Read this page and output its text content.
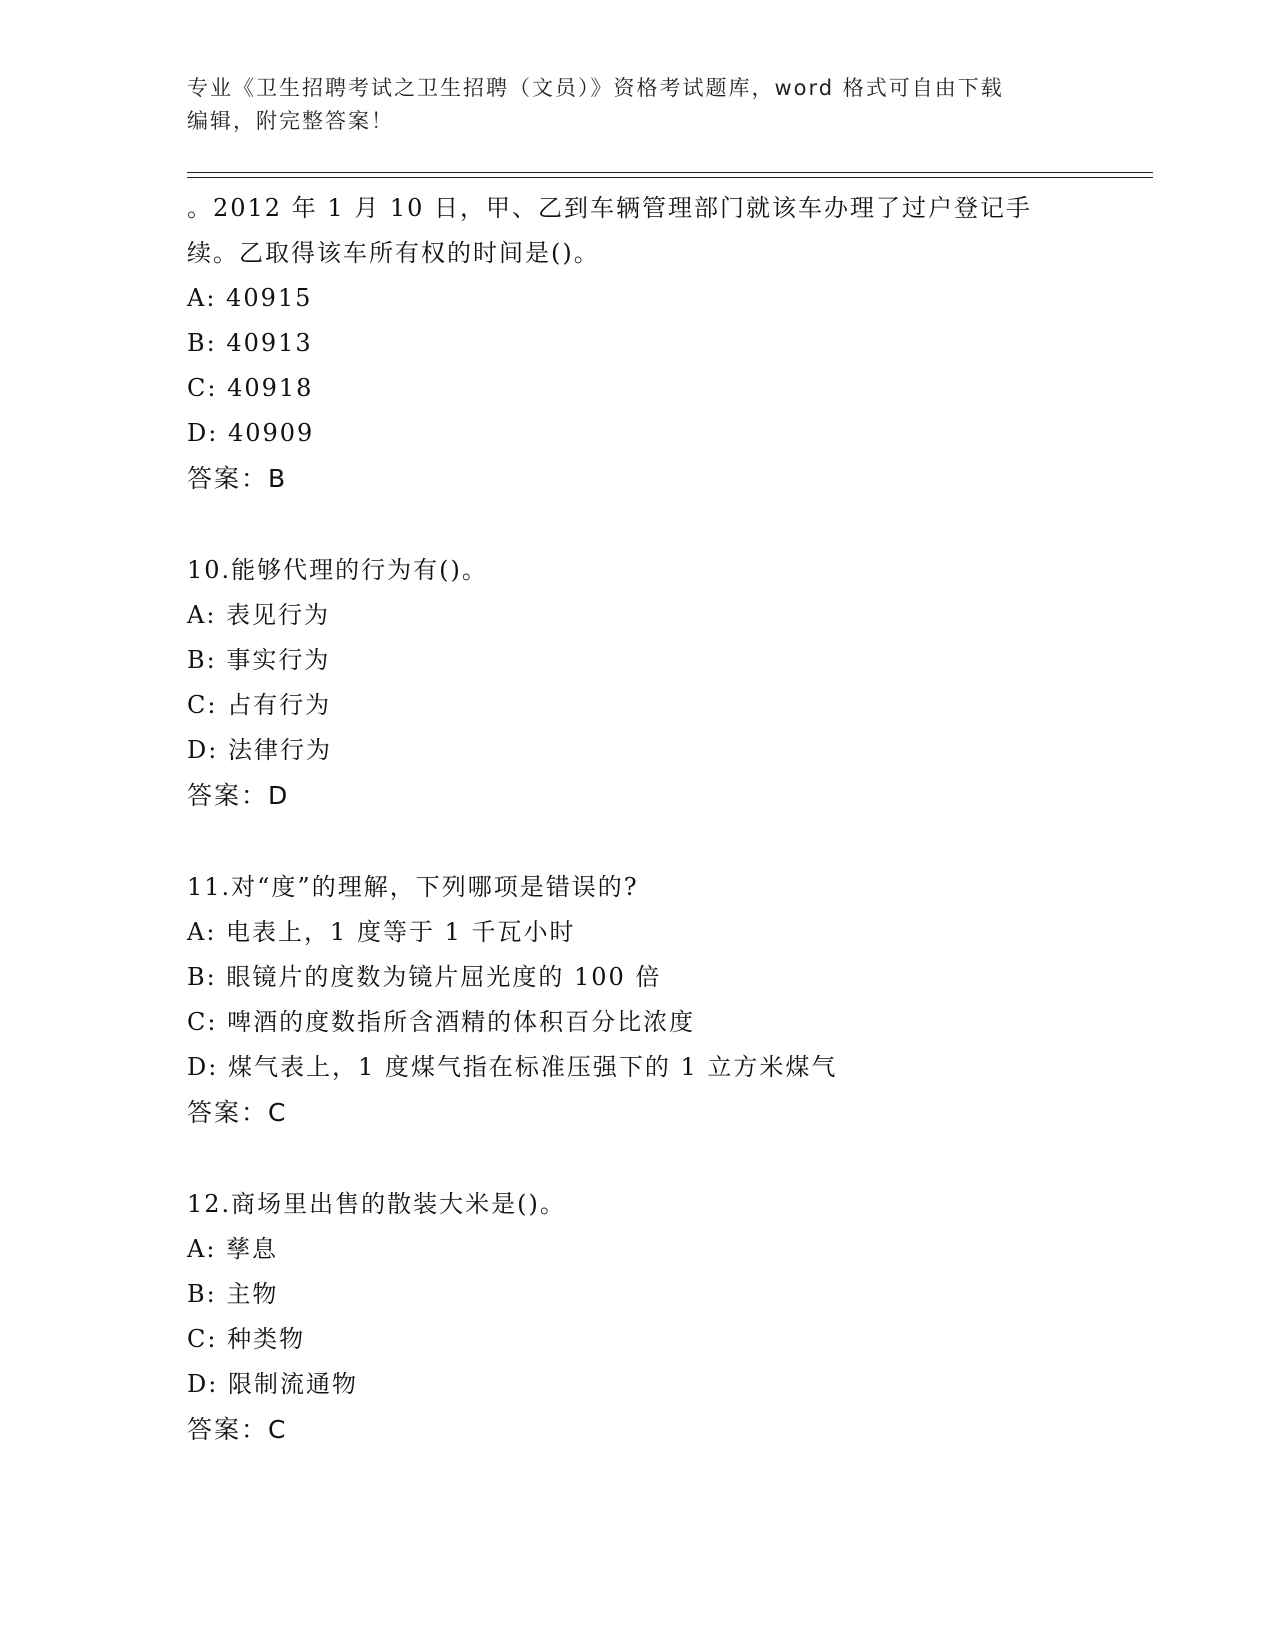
专业《卫生招聘考试之卫生招聘（文员）》资格考试题库，word 格式可自由下载
编辑，附完整答案！
。2012 年 1 月 10 日，甲、乙到车辆管理部门就该车办理了过户登记手
续。乙取得该车所有权的时间是()。
A: 40915
B: 40913
C: 40918
D: 40909
答案：B
10.能够代理的行为有()。
A: 表见行为
B: 事实行为
C: 占有行为
D: 法律行为
答案：D
11.对“度”的理解，下列哪项是错误的?
A: 电表上，1 度等于 1 千瓦小时
B: 眼镜片的度数为镜片屈光度的 100 倍
C: 啤酒的度数指所含酒精的体积百分比浓度
D: 煤气表上，1 度煤气指在标准压强下的 1 立方米煤气
答案：C
12.商场里出售的散装大米是()。
A: 孳息
B: 主物
C: 种类物
D: 限制流通物
答案：C
